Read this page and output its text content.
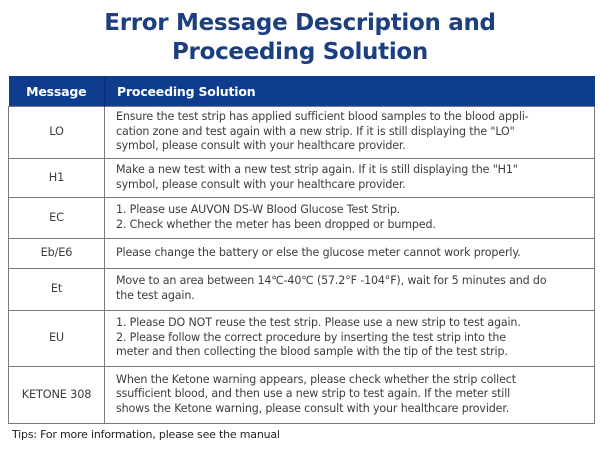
Error Message Description and
Proceeding Solution
Message	Proceeding Solution
LO	Ensure the test strip has applied sufficient blood samples to the blood appli-
cation zone and test again with a new strip. If it is still displaying the "LO"
symbol, please consult with your healthcare provider.

H1	Make a new test with a new test strip again. If it is still displaying the "H1"
symbol, please consult with your healthcare provider.

EC	1. Please use AUVON DS-W Blood Glucose Test Strip.
2. Check whether the meter has been dropped or bumped.

Eb/E6	Please change the battery or else the glucose meter cannot work properly.

Et	Move to an area between 14℃-40℃ (57.2°F -104°F), wait for 5 minutes and do
the test again.

EU	1. Please DO NOT reuse the test strip. Please use a new strip to test again.
2. Please follow the correct procedure by inserting the test strip into the
meter and then collecting the blood sample with the tip of the test strip.

KETONE 308	When the Ketone warning appears, please check whether the strip collect
ssufficient blood, and then use a new strip to test again. If the meter still
shows the Ketone warning, please consult with your healthcare provider.
Tips: For more information, please see the manual
